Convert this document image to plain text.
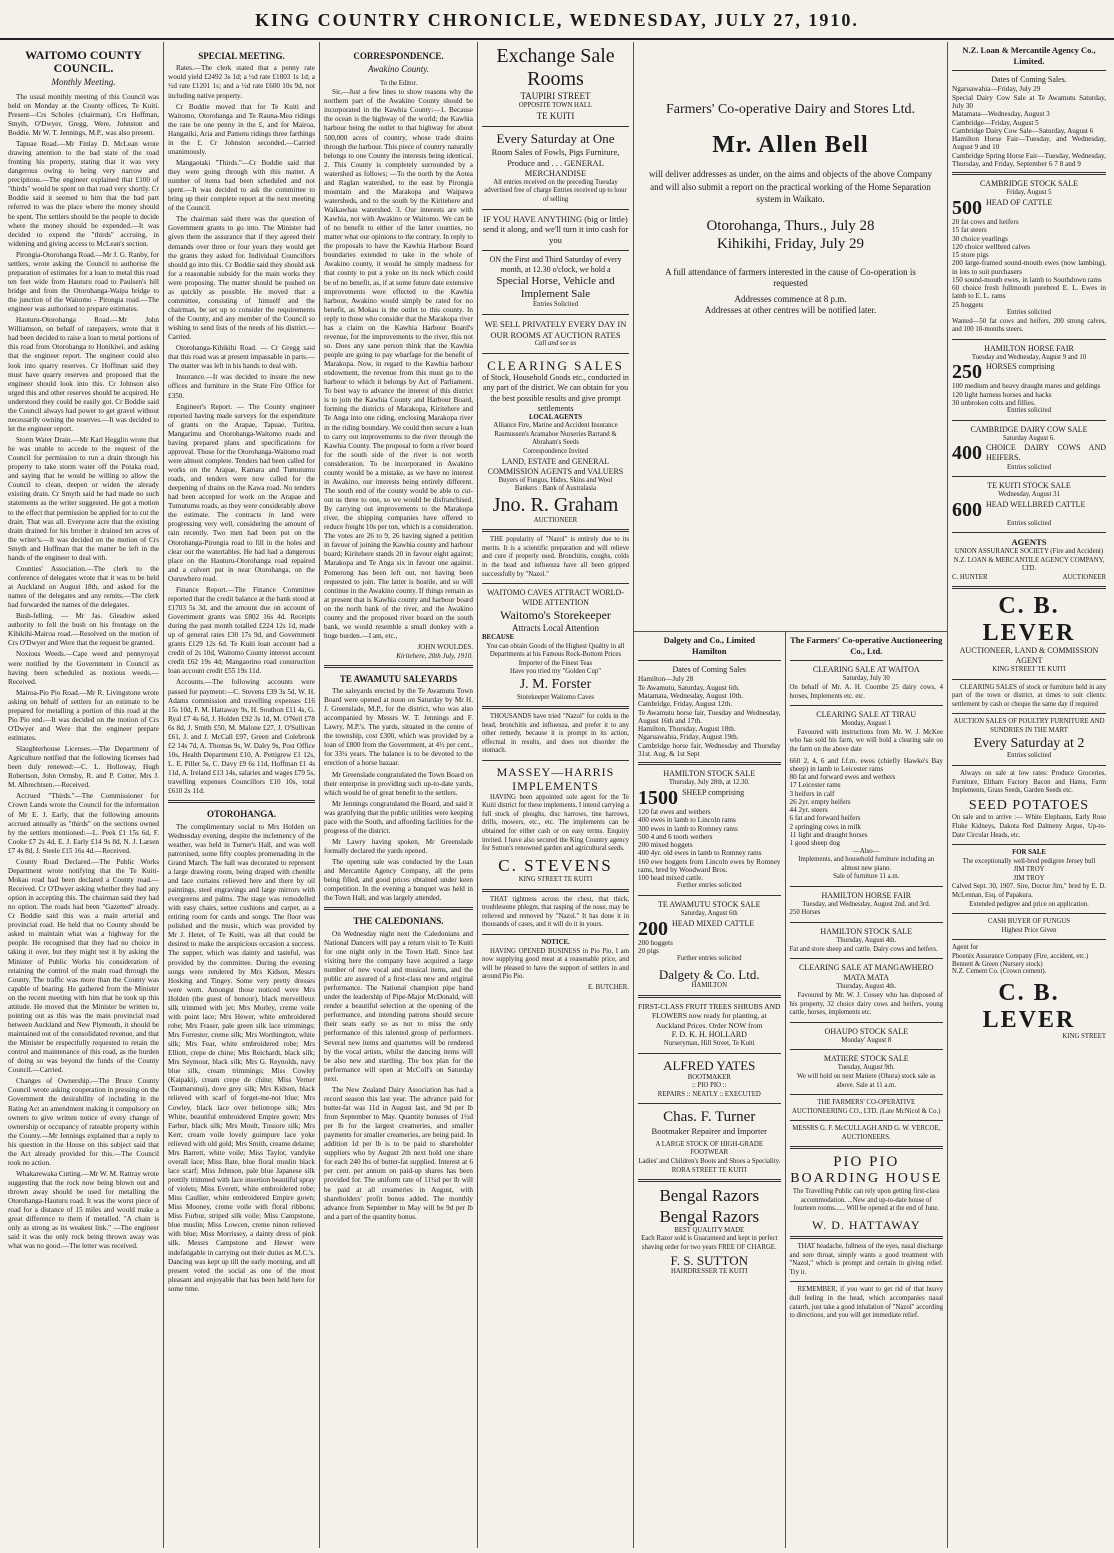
KING COUNTRY CHRONICLE, WEDNESDAY, JULY 27, 1910.
WAITOMO COUNTY COUNCIL.
Monthly Meeting.

The usual monthly meeting of this Council was held on Monday at the County offices, Te Kuiti. Present—Crs Scholes (chairman), Crs Hoffman, Smyth, O'Dwyer, Gregg, Were, Johnston and Boddie. Mr W. T. Jennings, M.P., was also present.

Tapuae Road.—Mr Finlay D. McLean wrote drawing attention to the bad state of the road fronting his property, stating that it was very dangerous owing to being very narrow and precipitous.—The engineer explained that £100 of "thirds" would be spent on that road very shortly. Cr Boddie said it seemed to him that the bad part referred to was the place where the money should be spent. The settlers should be the people to decide where the money should be expended.—It was decided to expend the "thirds" accruing, in widening and giving access to McLean's section.

Pirongia-Otorohanga Road.—Mr J. G. Ranby, for settlers, wrote asking the Council to authorise the preparation of estimates for a loan to metal this road ten feet wide from Hauturu road to Paulsen's hill bridge and from the Otorohanga-Waipa bridge to the junction of the Waitomo - Pirongia road.—The engineer was authorised to prepare estimates.

Hauturu-Otorohanga Road.—Mr John Williamson, on behalf of ratepayers, wrote that it had been decided to raise a loan to metal portions of this road from Otorohanga to Honikiwi, and asking that the engineer report. The engineer could also look into quarry reserves. Cr Hoffman said they must have quarry reserves and proposed that the engineer should look into this. Cr Johnson also urged this and other reserves should be acquired. He understood they could be easily got. Cr Boddie said the Council always had power to get gravel without necessarily owning the reserves.—It was decided to let the engineer report.

Storm Water Drain.—Mr Karl Hegglin wrote that he was unable to accede to the request of the Council for permission to run a drain through his property to take storm water off the Potaka road, and saying that he would be willing to allow the Council to clean, deepen or widen the already existing drain. Cr Smyth said he had made no such statements as the writer suggested. He got a motion to the effect that permission be applied for to cut the drain. That was all. Everyone acre that the existing drain drained for his brother it drained ten acres of the writer's.—It was decided on the motion of Crs Smyth and Hoffman that the matter be left in the hands of the engineer to deal with.

Counties' Association.—The clerk to the conference of delegates wrote that it was to be held at Auckland on August 18th, and asked for the names of the delegates and any remits.—The clerk had forwarded the names of the delegates.

Bush-felling. — Mr Jas. Gleadow asked authority to fell the bush on his frontage on the Kihikihi-Mairoa road.—Resolved on the motion of Crs O'Dwyer and Were that the request be granted.

Noxious Weeds.—Cape weed and pennyroyal were notified by the Government in Council as having been scheduled as noxious weeds.—Received.

Mairoa-Pio Pio Road.—Mr R. Livingstone wrote asking on behalf of settlers for an estimate to be prepared for metalling a portion of this road at the Pio Pio end.—It was decided on the motion of Crs O'Dwyer and Were that the engineer prepare estimates.

Slaughterhouse Licenses.—The Department of Agriculture notified that the following licenses had been duly renewed:—C. L. Holloway, Hugh Robertson, John Ormsby, R. and P. Cotter, Mrs J. M. Albrechtsen.—Received.

Accrued "Thirds."—The Commissioner for Crown Lands wrote the Council for the information of Mr E. J. Early, that the following amounts accrued annually as "thirds" on the sections owned by the settlers mentioned:—L. Peek £1 15s 6d, F. Cooke £7 2s 4d, E. J. Early £14 9s 8d, N. J. Larsen £7 4s 8d, J. Steele £15 16s 4d.—Received.

County Road Declared.—The Public Works Department wrote notifying that the Te Kuiti-Mokau road had been declared a County road.—Received. Cr O'Dwyer asking whether they had any option in accepting this. The chairman said they had no option. The roads had been "Gazetted" already. Cr Boddie said this was a main arterial and provincial road. He held that no County should be asked to maintain what was a highway for the people. He recognised that they had no choice in taking it over, but they might test it by asking the Minister of Public Works his consideration of retaining the control of the main road through the County. The traffic was more than the County was capable of bearing. He gathered from the Minister on the recent meeting with him that he took up this attitude. He moved that the Minister be written to, pointing out as this was the main provincial road between Auckland and New Plymouth, it should be maintained out of the consolidated revenue, and that the Minister be respectfully requested to retain the control and maintenance of this road, as the burden of doing so was beyond the funds of the County Council.—Carried.

Changes of Ownership.—The Bruce County Council wrote asking cooperation in pressing on the Government the desirability of including in the Rating Act an amendment making it compulsory on owners to give written notice of every change of ownership or occupancy of rateable property within the County.—Mr Jennings explained that a reply to his question in the House on this subject said that the Act already provided for this.—The Council took no action.

Whakarewaka Cutting.—Mr W. M. Rattray wrote suggesting that the rock now being blown out and thrown away should be used for metalling the Otorohanga-Hauturu road. It was the worst piece of road for a distance of 15 miles and would make a great difference to them if metalled. "A chain is only as strong as its weakest link." —The engineer said it was the only rock being thrown away was what was no good.—The letter was received.

SPECIAL MEETING.

Rates.—The clerk stated that a penny rate would yield £2492 3s 1d; a ½d rate £1803 1s 1d; a ½d rate £1201 1s; and a ½d rate £600 10s 9d, not including native property.

Cr Boddie moved that for Te Kuiti and Waitomo, Otorohanga and Te Rauna-Mea ridings the rate be one penny in the £, and for Mairoa, Hangatiki, Aria and Pamotu ridings three farthings in the £. Cr Johnston seconded.—Carried unanimously.

Mangaotaki "Thirds."—Cr Boddie said that they were going through with this matter. A number of items had been scheduled and not spent.—It was decided to ask the committee to bring up their complete report at the next meeting of the Council.

The chairman said there was the question of Government grants to go into. The Minister had given them the assurance that if they agreed their demands over three or four years they would get the grants they asked for. Individual Councillors should go into this. Cr Boddie said they should ask for a reasonable subsidy for the main works they were proposing. The matter should be pushed on as quickly as possible. He moved that a committee, consisting of himself and the chairman, be set up to consider the requirements of the County, and any member of the Council so wishing to send lists of the needs of his district.—Carried.

Otorohanga-Kihikihi Road. — Cr Gregg said that this road was at present impassable in parts.—The matter was left in his hands to deal with.

Insurance.—It was decided to insure the new offices and furniture in the State Fire Office for £350.

Engineer's Report. — The County engineer reported having made surveys for the expenditure of grants on the Arapae, Tapuae, Turitea, Mangarimu and Otorohanga-Waitomo roads and having prepared plans and specifications for approval. Those for the Otorohanga-Waitomo road were almost complete. Tenders had been called for works on the Arapae, Kamara and Tumutumu roads, and tenders were now called for the deepening of drains on the Kawa road. No tenders had been accepted for work on the Arapae and Tumutumu roads, as they were considerably above the estimate. The contracts in land were progressing very well, considering the amount of rain recently. Two men had been put on the Otorohanga-Pirongia road to fill in the holes and clear out the watertables. He had had a dangerous place on the Hauturu-Otorohanga road repaired and a culvert put in near Otorohanga, on the Ouruwhero road.

Finance Report.—The Finance Committee reported that the credit balance at the bank stood at £1703 5s 3d, and the amount due on account of Government grants was £802 16s 4d. Receipts during the past month totalled £224 12s 1d, made up of general rates £30 17s 9d, and Government grants £129 12s 6d. Te Kuiti loan account had a credit of 2s 10d, Waitomo County interest account credit £62 19s 4d; Mangaorino road construction loan account credit £55 19s 11d.

Accounts.—The following accounts were passed for payment:—C. Stevens £39 3s 5d, W. H. Adams commission and travelling expenses £16 15s 10d, F. M. Hattaway 9s, H. Southon £11 4s, G. Ryal £7 4s 6d, J. Holden £92 3s 1d, M. O'Neil £78 6s 8d, J. Smith £50, M. Malone £27, J. O'Sullivan £61, J. and J. McCall £97, Green and Colebrook £2 14s 7d, A. Thomas 9s, W. Dalry 9s, Post Office 10s, Health Department £10, A. Pettigrew £1 12s, L. E. Piller 5s, C. Davy £9 6s 11d, Hoffman £1 4s 11d, A. Ireland £13 14s, salaries and wages £79 5s, travelling expenses Councillors £10 10s, total £610 2s 11d.

OTOROHANGA.

The complimentary social to Mrs Holden on Wednesday evening, despite the inclemency of the weather, was held in Turner's Hall, and was well patronised, some fifty couples promenading in the Grand March. The hall was decorated to represent a large drawing room, being draped with chenille and lace curtains relieved here and there by oil paintings, steel engravings and large mirrors with evergreens and palms. The stage was remodelled with easy chairs, settee cushions and carpet, as a retiring room for cards and songs. The floor was polished and the music, which was provided by Mr J. Hetet, of Te Kuiti, was all that could be desired to make the auspicious occasion a success. The supper, which was dainty and tasteful, was provided by the committee. During the evening songs were rendered by Mrs Kidson, Messrs Hosking and Tingey. Some very pretty dresses were worn. Amongst those noticed were Mrs Holden (the guest of honour), black merveilleux silk trimmed with jet; Mrs Morley, creme voile with point lace; Mrs Hewer, white embroidered robe; Mrs Fraser, pale green silk lace trimmings; Mrs Forrester, creme silk; Mrs Worthington, white silk; Mrs Fear, white embroidered robe; Mrs Elliott, crepe de chine; Mrs Reichardt, black silk; Mrs Seymour, black silk; Mrs G. Reynolds, navy blue silk, cream trimmings; Miss Cowley (Kaipaki), cream crepe de chine; Miss Verner (Taumarunui), dove grey silk; Mrs Kidson, black relieved with scarf of forget-me-not blue; Mrs Cowley, black lace over heliotrope silk; Mrs White, beautiful embroidered Empire gown; Mrs Farbur, black silk; Mrs Moult, Tussore silk; Mrs Kerr, cream voile lovely guimpure lace yoke relieved with old gold; Mrs Smith, creame delaine; Mrs Barrett, white voile; Miss Taylor, vandyke overall lace; Miss Bate, blue floral muslin black lace scarf; Miss Johnson, pale blue Japanese silk prettily trimmed with lace insertion beautiful spray of violets; Miss Everett, white embroidered robe; Miss Caullier, white embroidered Empire gown; Miss Mooney, creme voile with floral ribbons; Miss Furbur, striped silk voile; Miss Campstone, blue muslin; Miss Lowcen, creme ninon relieved with blue; Miss Morrissey, a dainty dress of pink silk. Messrs Campstone and Hewer were indefatigable in carrying out their duties as M.C.'s. Dancing was kept up till the early morning, and all present voted the social as one of the most pleasant and enjoyable that has been held here for some time.

CORRESPONDENCE.
Awakino County.
To the Editor.

Sir,—Just a few lines to show reasons why the northern part of the Awakino County should be incorporated in the Kawhia County:—1. Because the ocean is the highway of the world; the Kawhia harbour being the outlet to that highway for about 500,000 acres of country, whose trade drains through the harbour. This piece of country naturally belongs to one County the interests being identical. 2. This County is completely surrounded by a watershed as follows; —To the north by the Aotea and Raglan watershed, to the east by Pirongia mountain and the Marakopa and Waipawa watersheds, and to the south by the Kiritehere and Waikawhau watershed. 3. Our interests are with Kawhia, not with Awakino or Waitomo. We can be of no benefit to either of the latter counties, no matter what our opinions to the contrary. In reply to the proposals to have the Kawhia Harbour Board boundaries extended to take in the whole of Awakino county, it would be simply madness for that county to put a yoke on its neck which could be of no benefit, as, if at some future date extensive improvements were effected to the Kawhia harbour, Awakino would simply be rated for no benefit, as Mokau is the outlet to this county. In reply to those who consider that the Marakopa river has a claim on the Kawhia Harbour Board's revenue, for the improvements to the river, this not so. Does any sane person think that the Kawhia people are going to pay wharfage for the benefit of Marakopa. Now, in regard to the Kawhia harbour endowment, the revenue from this must go to the harbour to which it belongs by Act of Parliament. To best way to advance the interest of this district is to join the Kawhia County and Harbour Board, forming the districts of Marakopa, Kiritehere and Te Anga into one riding, enclosing Marakopa river in the riding boundary. We could then secure a loan to carry out improvements to the river through the Kawhia County. The proposal to form a river board for the south side of the river is not worth consideration. To be incorporated in Awakino county would be a mistake, as we have no interest in Awakino, our interests being entirely different. The south end of the county would be able to cut-out us three to one, so we would be disfranchised. By carrying out improvements to the Marakopa river, the shipping companies have offered to reduce freight 10s per ton, which is a consideration. The votes are 26 to 9, 26 having signed a petition in favour of joining the Kawhia county and harbour board; Kiritehere stands 20 in favour eight against; Marakopa and Te Anga six in favour one against. Pomerong has been left out, not having been requested to join. The latter is hostile, and so will continue in the Awakino county. If things remain as at present that is Kawhia county and harbour board on the north bank of the river, and the Awakino county and the proposed river board on the south bank, we would resemble a small donkey with a huge burden.—I am, etc.,

JOHN WOULDES.
Kiritehere, 20th July, 1910.
TE AWAMUTU SALEYARDS

The saleyards erected by the Te Awamutu Town Board were opened at noon on Saturday by Mr H. J. Greenslade, M.P., for the district, who was also accompanied by Messrs W. T. Jennings and F. Lawry, M.P.'s. The yards, situated in the centre of the township, cost £300, which was provided by a loan of £800 from the Government, at 4½ per cent., for 33¼ years. The balance is to be devoted to the erection of a horse bazaar.

Mr Greenslade congratulated the Town Board on their enterprise in providing such up-to-date yards, which would be of great benefit to the settlers.

Mr Jennings congratulated the Board, and said it was gratifying that the public utilities were keeping pace with the South, and affording facilities for the progress of the district.

Mr Lawry having spoken, Mr Greenslade formally declared the yards opened.

The opening sale was conducted by the Loan and Mercantile Agency Company, all the pens being filled, and good prices obtained under keen competition. In the evening a banquet was held in the Town Hall, and was largely attended.

THE CALEDONIANS.

On Wednesday night next the Caledonians and National Dancers will pay a return visit to Te Kuiti for one night only in the Town Hall. Since last visiting here the company have acquired a large number of new vocal and musical items, and the public are assured of a first-class new and original performance. The National champion pipe band under the leadership of Pipe-Major McDonald, will render a beautiful selection at the opening of the performance, and intending patrons should secure their seats early so as not to miss the only performance of this talented group of performers. Several new items and quartettes will be rendered by the vocal artists, whilst the dancing items will be also new and startling. The box plan for the performance will open at McColl's on Saturday next.

The New Zealand Dairy Association has had a record season this last year. The advance paid for butter-fat was 11d in August last, and 9d per lb from September to May. Quantity bonuses of 1½d per lb for the largest creameries, and smaller payments for smaller creameries, are being paid. In addition 1d per lb is to be paid to shareholder suppliers who by August 2th next hold one share for each 240 lbs of butter-fat supplied. Interest at 6 per cent. per annum on paid-up shares has been provided for. The uniform rate of 11¼d per lb will be paid at all creameries in August, with shareholders' profit bonus added. The monthly advance from September to May will be 9d per lb and a part of the quantity bonus.

Exchange Sale Rooms
TAUPIRI STREET
OPPOSITE TOWN HALL
TE KUITI
Every Saturday at One
Room Sales of Fowls, Pigs Furniture, Produce and . . . GENERAL MERCHANDISE
All entries received on the preceding Tuesday advertised free of charge Entries received up to hour of selling
IF YOU HAVE ANYTHING (big or little) send it along, and we'll turn it into cash for you
ON the First and Third Saturday of every month, at 12.30 o'clock, we hold a
Special Horse, Vehicle and Implement Sale
Entries Solicited
WE SELL PRIVATELY EVERY DAY IN OUR ROOMS AT AUCTION RATES
Call and see us
CLEARING SALES
of Stock, Household Goods etc., conducted in any part of the district. We can obtain for you the best possible results and give prompt settlements
LOCAL AGENTS
Alliance Fire, Marine and Accident Insurance Rasmussen's Aramahoe Nurseries Barrand & Abraham's Seeds
Correspondence Invited
LAND, ESTATE and GENERAL COMMISSION AGENTS and VALUERS
Buyers of Fungus, Hides, Skins and Wool
Bankers : Bank of Australasia
Jno. R. Graham
AUCTIONEER

THE popularity of "Nazol" is entirely due to its merits. It is a scientific preparation and will relieve and cure if properly used. Bronchitis, coughs, colds in the head and influenza have all been gripped successfully by "Nazol."

WAITOMO CAVES ATTRACT WORLD-WIDE ATTENTION
Waitomo's Storekeeper
Attracts Local Attention
BECAUSE
You can obtain Goods of the Highest Quality in all Departments at his Famous Rock-Bottom Prices
Importer of the Finest Teas
Have you tried my "Golden Cup"
J. M. Forster
Storekeeper Waitomo Caves

THOUSANDS have tried "Nazol" for colds in the head, bronchitis and influenza, and prefer it to any other remedy, because it is prompt in its action, effectual in results, and does not disorder the stomach.

MASSEY—HARRIS IMPLEMENTS

HAVING been appointed sole agent for the Te Kuiti district for these implements, I intend carrying a full stock of ploughs, disc harrows, tine harrows, drills, mowers, etc., etc. The implements can be obtained for either cash or on easy terms. Enquiry invited. I have also secured the King Country agency for Sutton's renowned garden and agricultural seeds.

C. STEVENS
KING STREET TE KUITI

THAT tightness across the chest, that thick, troublesome phlegm, that rasping of the nose, may be relieved and removed by "Nazol." It has done it in thousands of cases, and it will do it in yours.

NOTICE.

HAVING OPENED BUSINESS in Pio Pio, I am now supplying good meat at a reasonable price, and will be pleased to have the support of settlers in and around Pio Pio.

E. BUTCHER.
Farmers' Co-operative Dairy and Stores Ltd.
Mr. Allen Bell
will deliver addresses as under, on the aims and objects of the above Company and will also submit a report on the practical working of the Home Separation system in Waikato.
Otorohanga, Thurs., July 28
Kihikihi, Friday, July 29
A full attendance of farmers interested in the cause of Co-operation is requested
Addresses commence at 8 p.m.
Addresses at other centres will be notified later.
Dalgety and Co., Limited
Hamilton
Dates of Coming Sales
Hamilton—July 28
Te Awamutu, Saturday, August 6th.
Matamata, Wednesday, August 10th.
Cambridge, Friday, August 12th.
Te Awamutu horse fair, Tuesday and Wednesday, August 16th and 17th.
Hamilton, Thursday, August 18th.
Ngaruawahia, Friday, August 19th.
Cambridge horse fair, Wednesday and Thursday 31st. Aug. & 1st Sept
HAMILTON STOCK SALE
Thursday, July 28th, at 12.30.
1500 SHEEP comprising
120 fat ewes and wethers
400 ewes in lamb to Lincoln rams
300 ewes in lamb to Romney rams
500 4 and 6 tooth wethers
200 mixed hoggets
400 4yr. old ewes in lamb to Romney rams
160 ewe hoggets from Lincoln ewes by Romney rams, bred by Woodward Bros.
100 head mixed cattle.
Further entries solicited
TE AWAMUTU STOCK SALE
Saturday, August 6th
200 HEAD MIXED CATTLE
200 hoggets
20 pigs
Further entries solicited
Dalgety & Co. Ltd.
HAMILTON
FIRST-CLASS FRUIT TREES SHRUBS AND FLOWERS now ready for planting, at Auckland Prices. Order NOW from
F. D. K. H. HOLLARD
Nurseryman, Hill Street, Te Kuiti
ALFRED YATES
BOOTMAKER
:: PIO PIO ::
REPAIRS :: NEATLY :: EXECUTED
Chas. F. Turner
Bootmaker Repairer and Importer
A LARGE STOCK OF HIGH-GRADE FOOTWEAR
Ladies' and Children's Boots and Shoes a Speciality.
RORA STREET TE KUITI
Bengal Razors
Bengal Razors
BEST QUALITY MADE
Each Razor sold is Guaranteed and kept in perfect shaving order for two years FREE OF CHARGE.
F. S. SUTTON
HAIRDRESSER TE KUITI
The Farmers' Co-operative Auctioneering Co., Ltd.
CLEARING SALE AT WAITOA
Saturday, July 30
On behalf of Mr. A. H. Coombe 25 dairy cows, 4 horses, Implements etc. etc.
CLEARING SALE AT TIRAU
Monday, August 1

Favoured with instructions from Mr. W. J. McKee who has sold his farm, we will hold a clearing sale on the farm on the above date

660 2, 4, 6 and f.f.m. ewes (chiefly Hawke's Bay sheep) in lamb to Leicester rams
80 fat and forward ewes and wethers
17 Leicester rams
3 heifers in calf
26 2yr. empty heifers
44 2yr. steers
6 fat and forward heifers
2 springing cows in milk
11 light and draught horses
1 good sheep dog
—Also—
Implements, and household furniture including an almost new piano.
Sale of furniture 11 a.m.
HAMILTON HORSE FAIR
Tuesday, and Wednesday, August 2nd. and 3rd.
250 Horses
HAMILTON STOCK SALE
Thursday, August 4th.
Fat and store sheep and cattle. Dairy cows and heifers.
CLEARING SALE AT MANGAWHERO MATA MATA
Thursday, August 4th.

Favoured by Mr. W. J. Cossey who has disposed of his property, 32 choice dairy cows and heifers, young cattle, horses, implements etc.

OHAUPO STOCK SALE
Monday' August 8
MATIERE STOCK SALE
Tuesday, August 9th.
We will hold on next Matiere (Ohura) stock sale as above. Sale at 11 a.m.
THE FARMERS' CO-OPERATIVE AUCTIONEERING CO., LTD. (Late McNicol & Co.)
MESSRS G. F. McCULLAGH AND G. W. VERCOE, AUCTIONEERS.
PIO PIO
BOARDING HOUSE
The Travelling Public can rely upon getting first-class accommodation. ...New and up-to-date house of fourteen rooms...... Will be opened at the end of June.
W. D. HATTAWAY

THAT headache, fullness of the eyes, nasal discharge and sore throat, simply wants a good treatment with "Nazol," which is prompt and certain in giving relief. Try it.

REMEMBER, if you want to get rid of that heavy dull feeling in the head, which accompanies nasal catarrh, just take a good inhalation of "Nazol" according to directions, and you will get immediate relief.

N.Z. Loan & Mercantile Agency Co., Limited.
Dates of Coming Sales.
Ngaruawahia—Friday, July 29
Special Dairy Cow Sale at Te Awamutu Saturday, July 30
Matamata—Wednesday, August 3
Cambridge—Friday, August 5
Cambridge Dairy Cow Sale—Saturday, August 6
Hamilton Horse Fair—Tuesday, and Wednesday, August 9 and 10
Cambridge Spring Horse Fair—Tuesday, Wednesday, Thursday, and Friday, September 6 7 8 and 9
CAMBRIDGE STOCK SALE
Friday, August 5
500 HEAD OF CATTLE
20 fat cows and heifers
15 fat steers
30 choice yearlings
120 choice wellbred calves
15 store pigs
200 large-framed sound-mouth ewes (now lambing), in lots to suit purchasers
150 sound-mouth ewes, in lamb to Southdown rams
60 choice fresh fullmouth purebred E. L. Ewes in lamb to E. L. rams
25 hoggets
Entries solicited
Wanted—50 fat cows and heifers, 200 strong calves, and 100 18-months steers.
HAMILTON HORSE FAIR
Tuesday and Wednesday, August 9 and 10
250 HORSES comprising
100 medium and heavy draught mares and geldings
120 light harness horses and hacks
30 unbroken colts and fillies.
Entries solicited
CAMBRIDGE DAIRY COW SALE
Saturday August 6.
400 CHOICE DAIRY COWS AND HEIFERS.
Entries solicited
TE KUITI STOCK SALE
Wednesday, August 31
600 HEAD WELLBRED CATTLE
Entries solicited
AGENTS
UNION ASSURANCE SOCIETY (Fire and Accident)
N.Z. LOAN & MERCANTILE AGENCY COMPANY, LTD.
C. HUNTER	AUCTIONEER
C. B. LEVER
AUCTIONEER, LAND & COMMISSION AGENT
KING STREET TE KUITI

CLEARING SALES of stock or furniture held in any part of the town or district, at times to suit clients: settlement by cash or cheque the same day if required

AUCTION SALES OF POULTRY FURNITURE AND SUNDRIES IN THE MART
Every Saturday at 2
Entries solicited

Always on sale at low rates: Produce Groceries, Furniture, Eltham Factory Bacon and Hams, Farm Implements, Grass Seeds, Garden Seeds etc.

SEED POTATOES
On sale and to arrive :— White Elephants, Early Rose Fluke Kidneys, Dakota Red Dalmeny Argue, Up-to-Date Circular Heads, etc.
FOR SALE
The exceptionally well-bred pedigree Jersey bull
JIM TROY
JIM TROY
Calved Sept. 30, 1907. Sire, Doctor Jim," bred by E. D. McLennan, Esq. of Papakura.
Extended pedigree and price on application.
CASH BUYER OF FUNGUS
Highest Price Given
Agent for
Phoenix Assurance Company (Fire, accident, etc.)
Bennett & Green (Nursery stock)
N.Z. Cement Co. (Crown cement).
C. B. LEVER
KING STREET
